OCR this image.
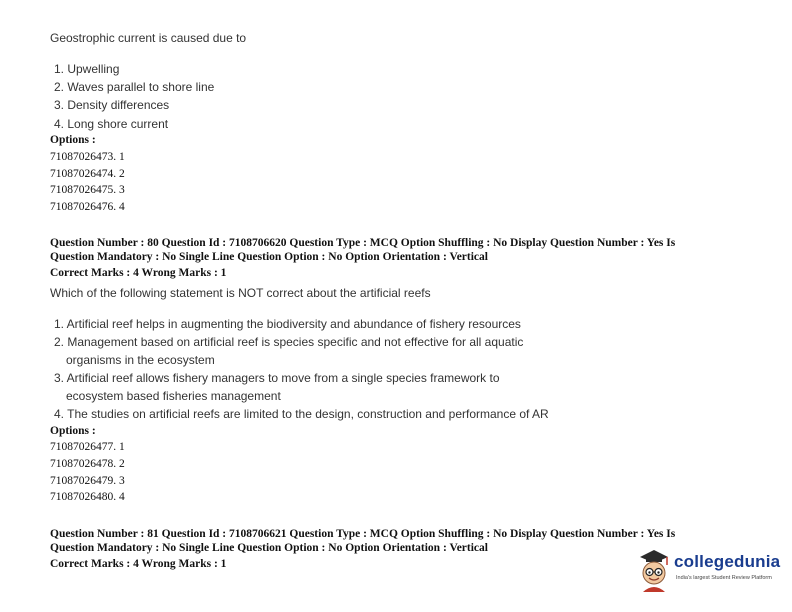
Geostrophic current is caused due to
1. Upwelling
2. Waves parallel to shore line
3. Density differences
4. Long shore current
Options :
71087026473. 1
71087026474. 2
71087026475. 3
71087026476. 4
Question Number : 80 Question Id : 7108706620 Question Type : MCQ Option Shuffling : No Display Question Number : Yes Is
Question Mandatory : No Single Line Question Option : No Option Orientation : Vertical
Correct Marks : 4 Wrong Marks : 1
Which of the following statement is NOT correct about the artificial reefs
1. Artificial reef helps in augmenting the biodiversity and abundance of fishery resources
2. Management based on artificial reef is species specific and not effective for all aquatic
organisms in the ecosystem
3. Artificial reef allows fishery managers to move from a single species framework to
ecosystem based fisheries management
4. The studies on artificial reefs are limited to the design, construction and performance of AR
Options :
71087026477. 1
71087026478. 2
71087026479. 3
71087026480. 4
Question Number : 81 Question Id : 7108706621 Question Type : MCQ Option Shuffling : No Display Question Number : Yes Is
Question Mandatory : No Single Line Question Option : No Option Orientation : Vertical
Correct Marks : 4 Wrong Marks : 1	collegedunia
India's largest Student Review Platform
